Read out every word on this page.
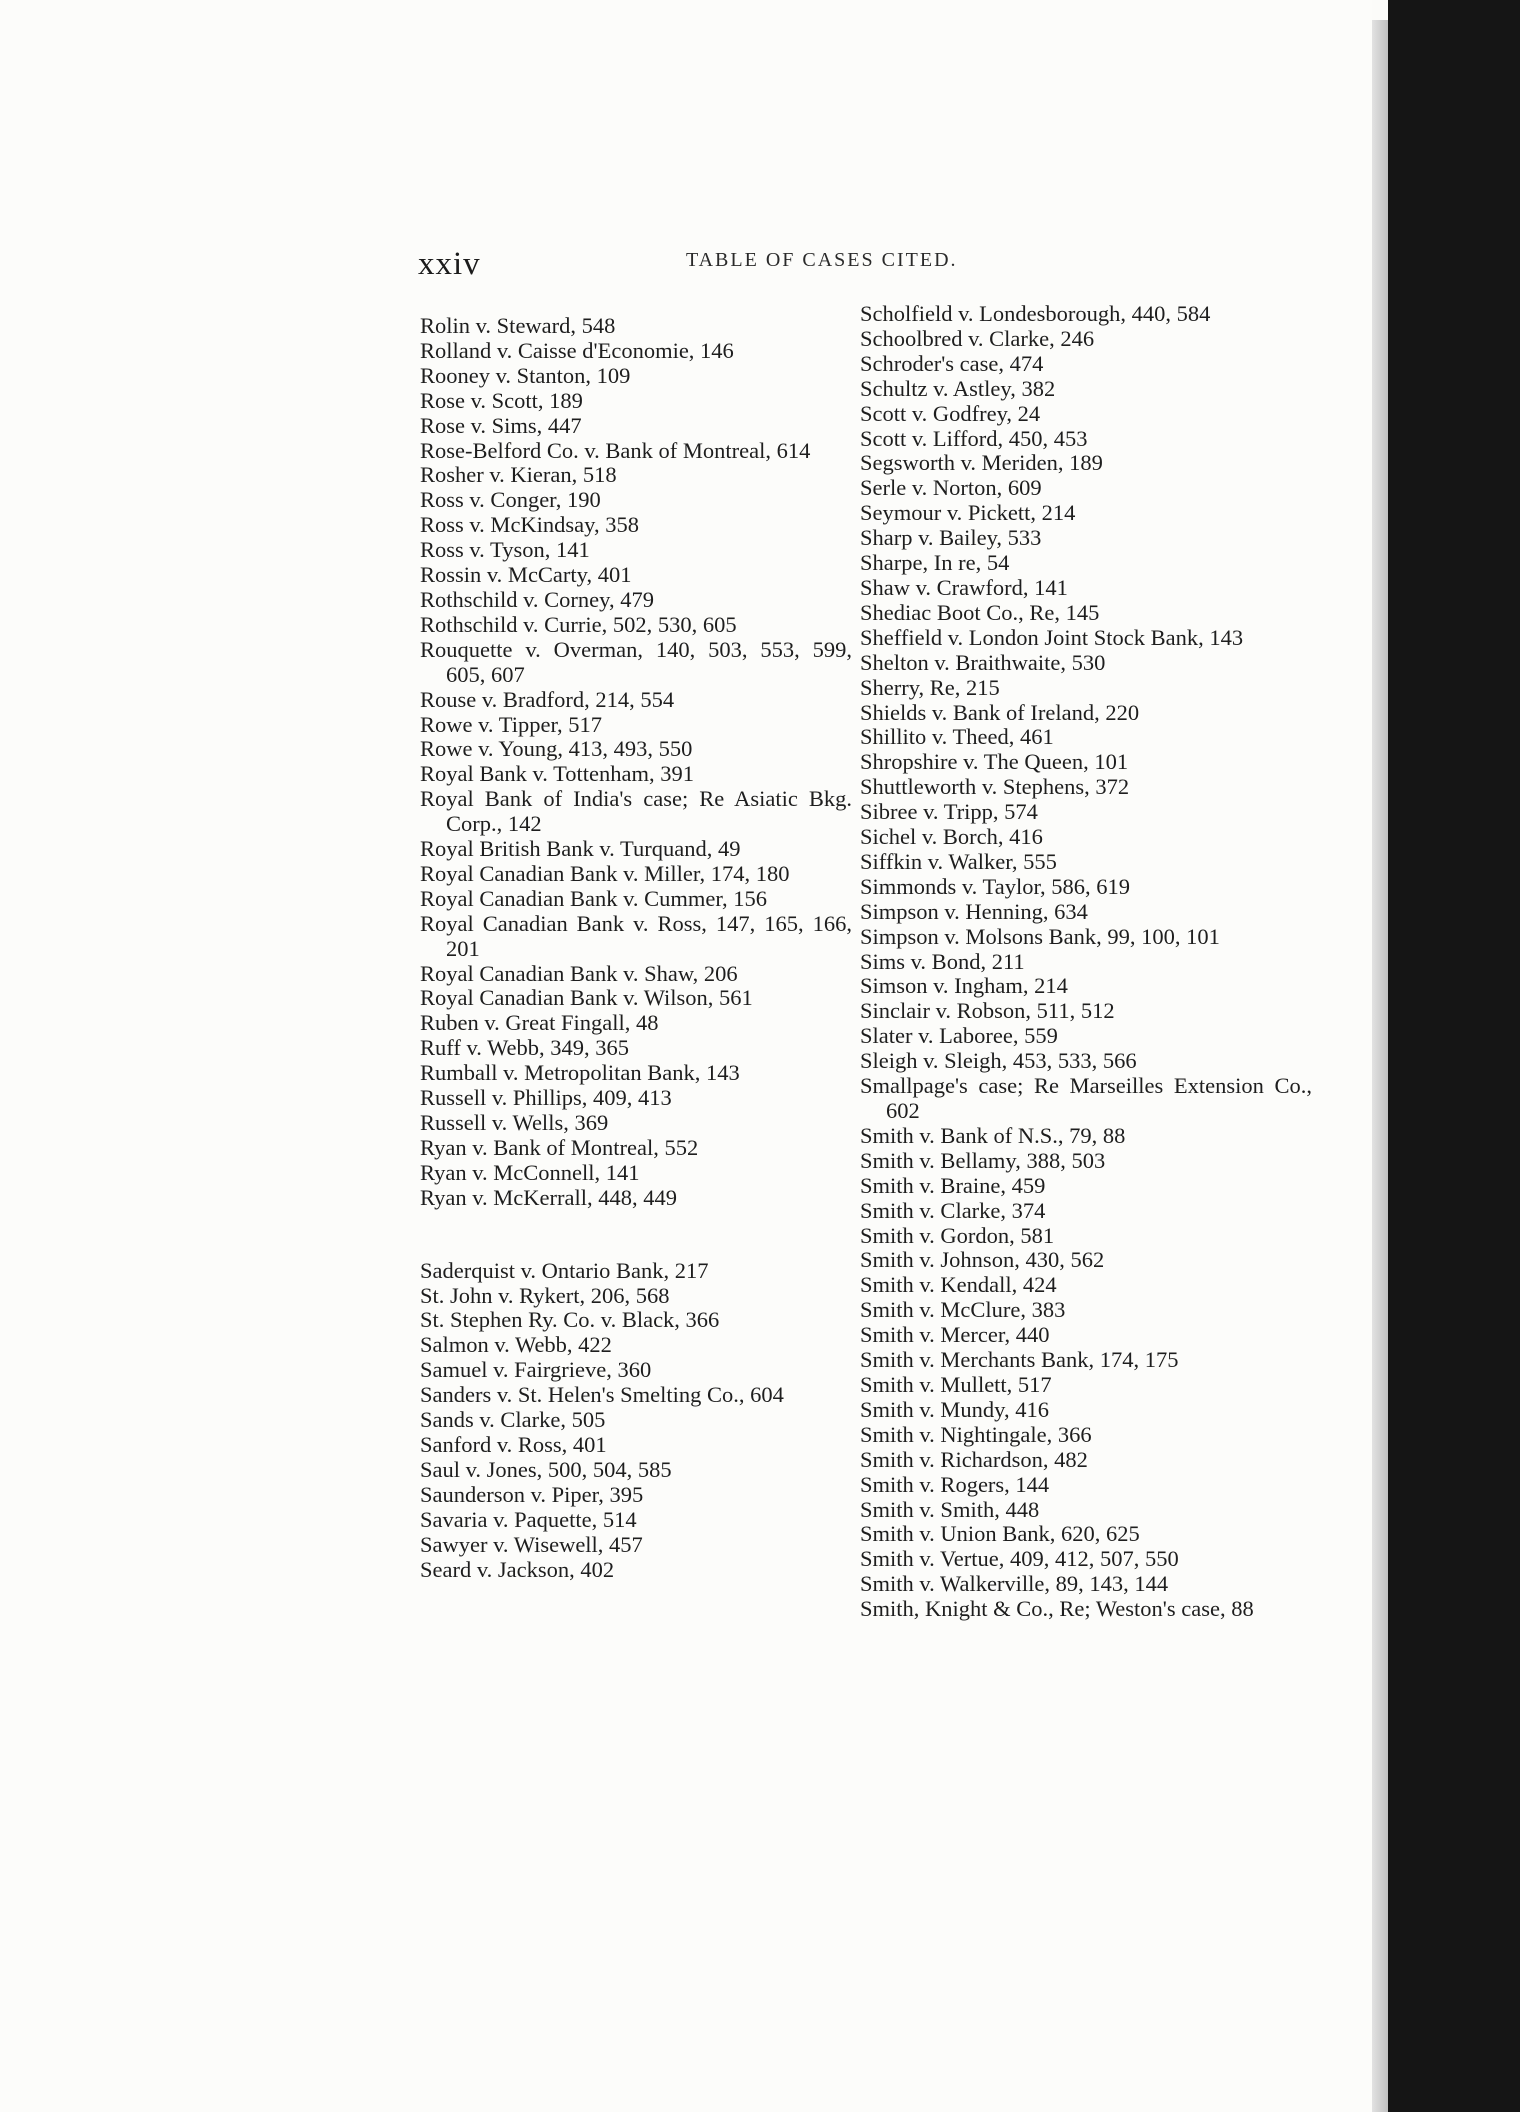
xxiv	TABLE OF CASES CITED.
Rolin v. Steward, 548
Rolland v. Caisse d'Economie, 146
Rooney v. Stanton, 109
Rose v. Scott, 189
Rose v. Sims, 447
Rose-Belford Co. v. Bank of Montreal, 614
Rosher v. Kieran, 518
Ross v. Conger, 190
Ross v. McKindsay, 358
Ross v. Tyson, 141
Rossin v. McCarty, 401
Rothschild v. Corney, 479
Rothschild v. Currie, 502, 530, 605
Rouquette v. Overman, 140, 503, 553, 599, 605, 607
Rouse v. Bradford, 214, 554
Rowe v. Tipper, 517
Rowe v. Young, 413, 493, 550
Royal Bank v. Tottenham, 391
Royal Bank of India's case; Re Asiatic Bkg. Corp., 142
Royal British Bank v. Turquand, 49
Royal Canadian Bank v. Miller, 174, 180
Royal Canadian Bank v. Cummer, 156
Royal Canadian Bank v. Ross, 147, 165, 166, 201
Royal Canadian Bank v. Shaw, 206
Royal Canadian Bank v. Wilson, 561
Ruben v. Great Fingall, 48
Ruff v. Webb, 349, 365
Rumball v. Metropolitan Bank, 143
Russell v. Phillips, 409, 413
Russell v. Wells, 369
Ryan v. Bank of Montreal, 552
Ryan v. McConnell, 141
Ryan v. McKerrall, 448, 449
Saderquist v. Ontario Bank, 217
St. John v. Rykert, 206, 568
St. Stephen Ry. Co. v. Black, 366
Salmon v. Webb, 422
Samuel v. Fairgrieve, 360
Sanders v. St. Helen's Smelting Co., 604
Sands v. Clarke, 505
Sanford v. Ross, 401
Saul v. Jones, 500, 504, 585
Saunderson v. Piper, 395
Savaria v. Paquette, 514
Sawyer v. Wisewell, 457
Seard v. Jackson, 402
Scholfield v. Londesborough, 440, 584
Schoolbred v. Clarke, 246
Schroder's case, 474
Schultz v. Astley, 382
Scott v. Godfrey, 24
Scott v. Lifford, 450, 453
Segsworth v. Meriden, 189
Serle v. Norton, 609
Seymour v. Pickett, 214
Sharp v. Bailey, 533
Sharpe, In re, 54
Shaw v. Crawford, 141
Shediac Boot Co., Re, 145
Sheffield v. London Joint Stock Bank, 143
Shelton v. Braithwaite, 530
Sherry, Re, 215
Shields v. Bank of Ireland, 220
Shillito v. Theed, 461
Shropshire v. The Queen, 101
Shuttleworth v. Stephens, 372
Sibree v. Tripp, 574
Sichel v. Borch, 416
Siffkin v. Walker, 555
Simmonds v. Taylor, 586, 619
Simpson v. Henning, 634
Simpson v. Molsons Bank, 99, 100, 101
Sims v. Bond, 211
Simson v. Ingham, 214
Sinclair v. Robson, 511, 512
Slater v. Laboree, 559
Sleigh v. Sleigh, 453, 533, 566
Smallpage's case; Re Marseilles Extension Co., 602
Smith v. Bank of N.S., 79, 88
Smith v. Bellamy, 388, 503
Smith v. Braine, 459
Smith v. Clarke, 374
Smith v. Gordon, 581
Smith v. Johnson, 430, 562
Smith v. Kendall, 424
Smith v. McClure, 383
Smith v. Mercer, 440
Smith v. Merchants Bank, 174, 175
Smith v. Mullett, 517
Smith v. Mundy, 416
Smith v. Nightingale, 366
Smith v. Richardson, 482
Smith v. Rogers, 144
Smith v. Smith, 448
Smith v. Union Bank, 620, 625
Smith v. Vertue, 409, 412, 507, 550
Smith v. Walkerville, 89, 143, 144
Smith, Knight & Co., Re; Weston's case, 88
